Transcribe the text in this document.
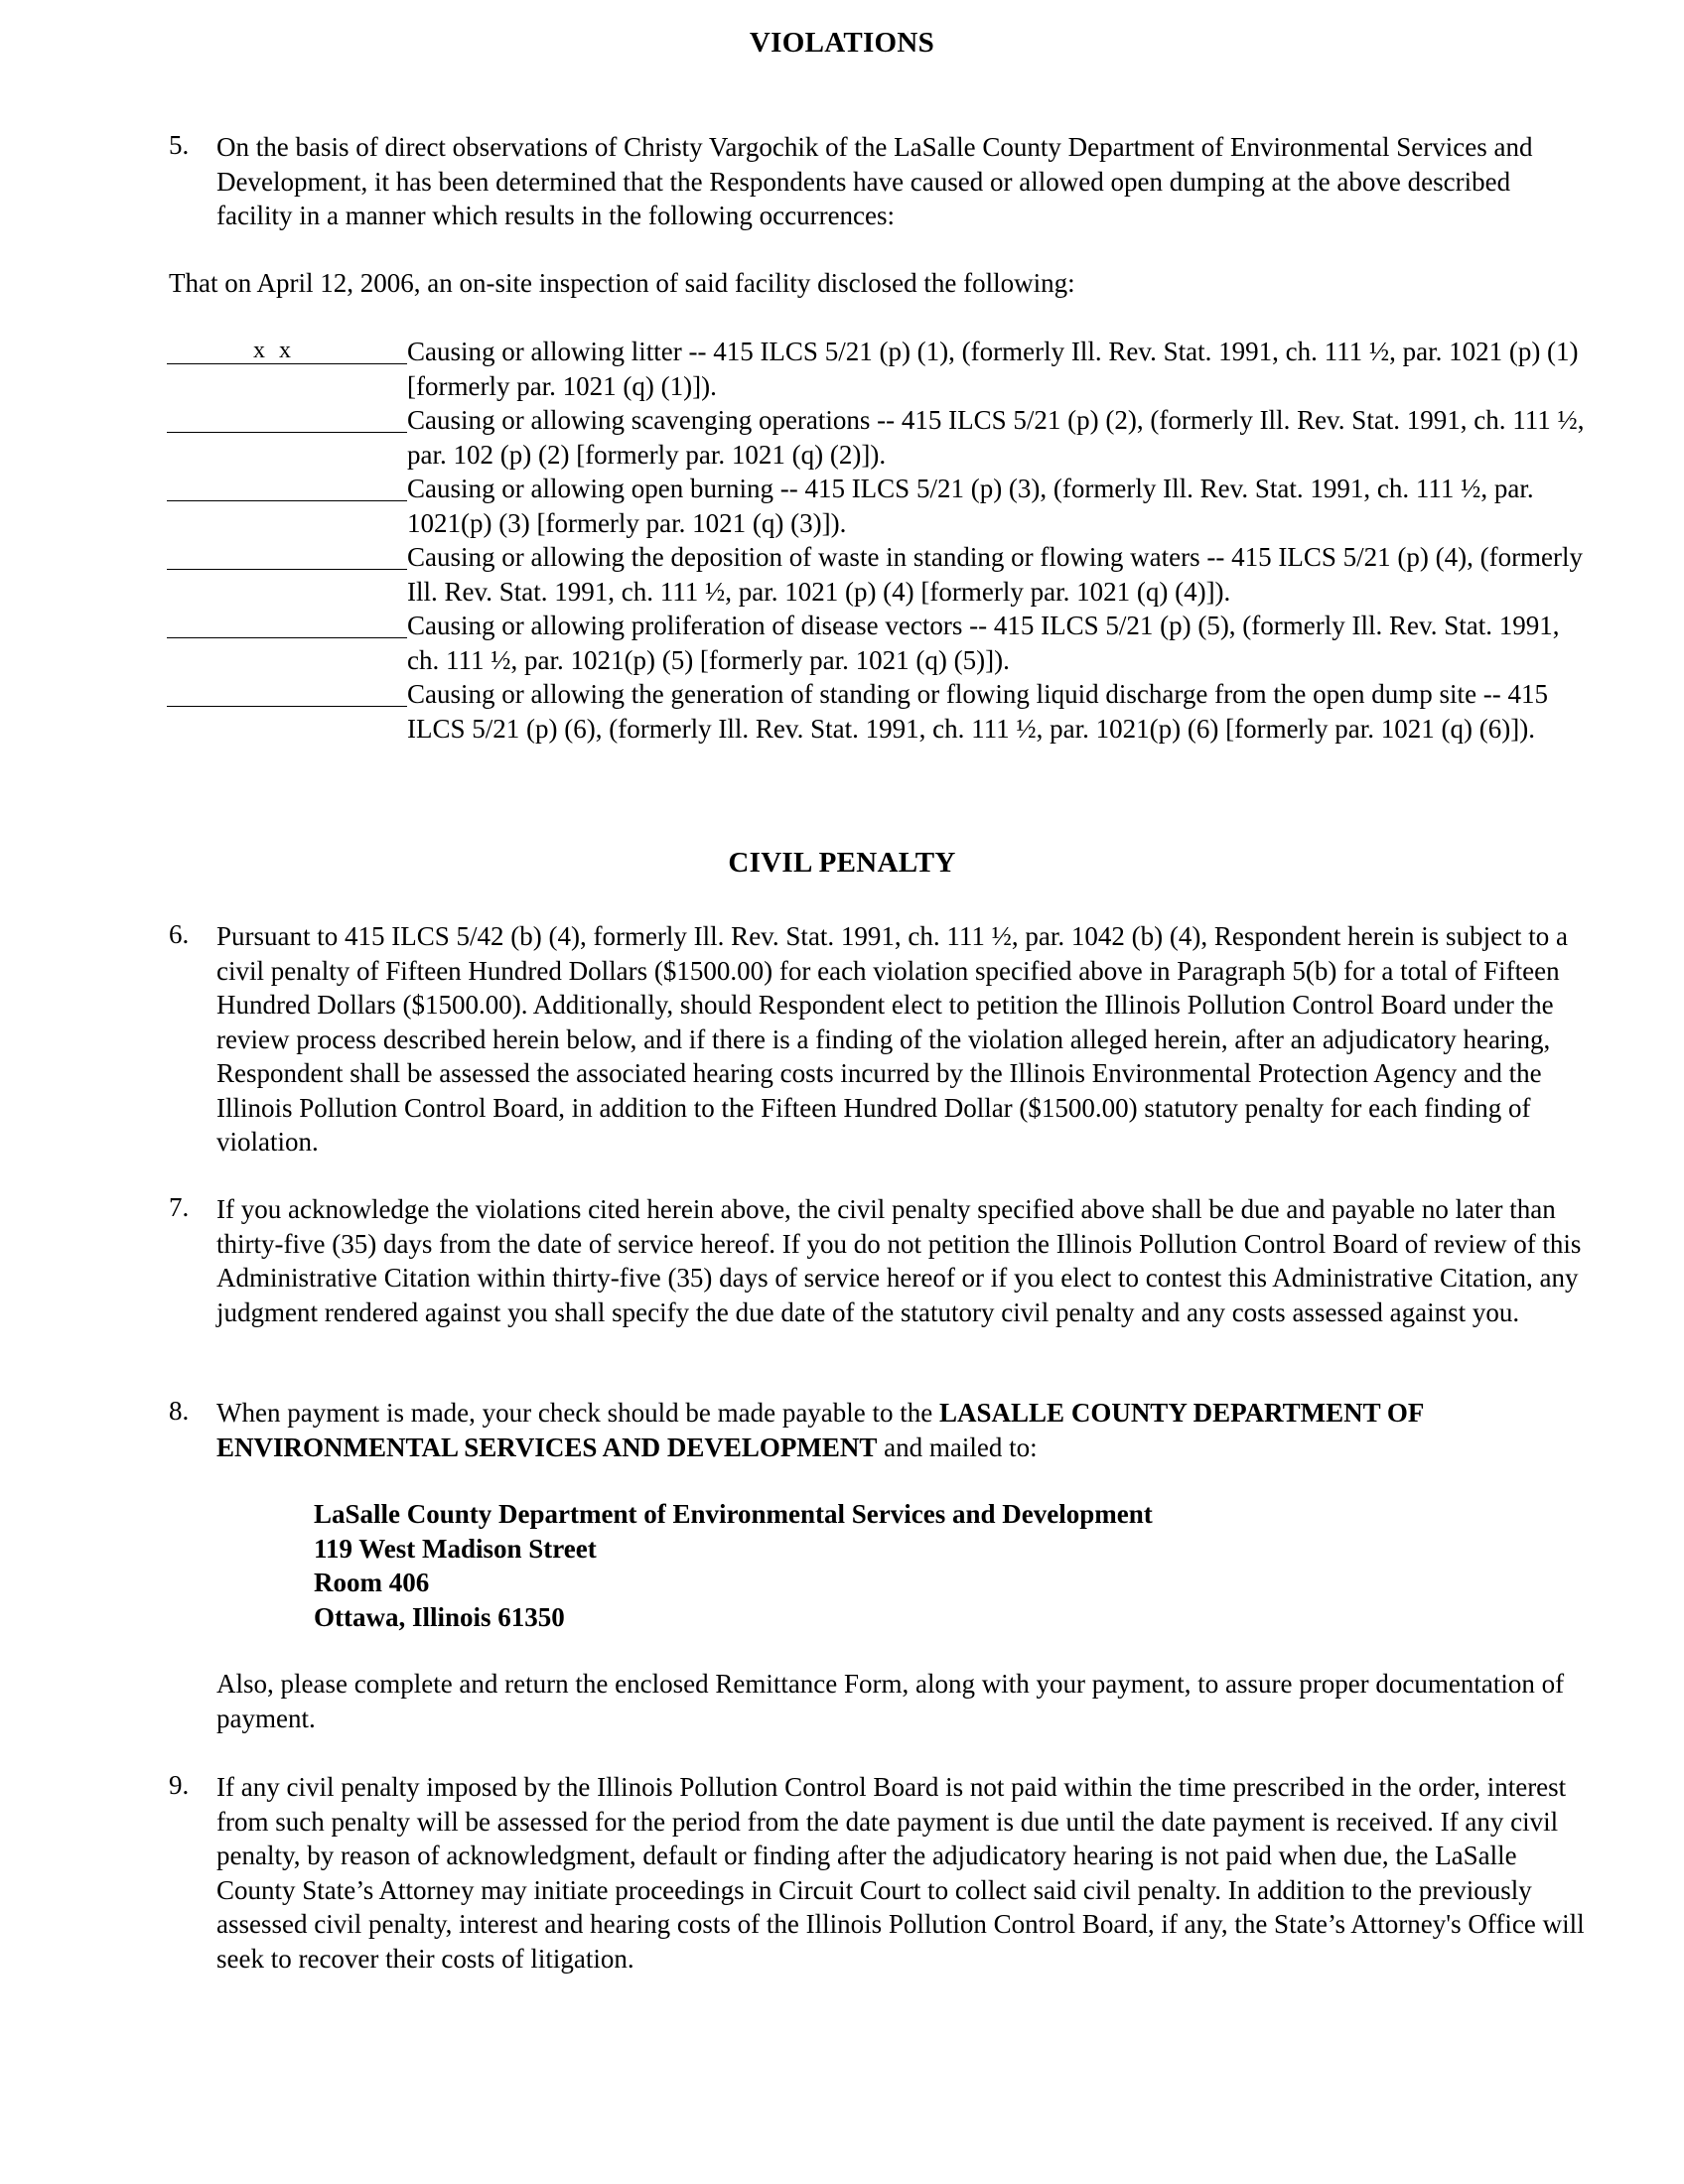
VIOLATIONS
5. On the basis of direct observations of Christy Vargochik of the LaSalle County Department of Environmental Services and Development, it has been determined that the Respondents have caused or allowed open dumping at the above described facility in a manner which results in the following occurrences:
That on April 12, 2006, an on-site inspection of said facility disclosed the following:
x x	Causing or allowing litter -- 415 ILCS 5/21 (p) (1), (formerly Ill. Rev. Stat. 1991, ch. 111 ½, par. 1021 (p) (1) [formerly par. 1021 (q) (1)]).
Causing or allowing scavenging operations -- 415 ILCS 5/21 (p) (2), (formerly Ill. Rev. Stat. 1991, ch. 111 ½, par. 102 (p) (2) [formerly par. 1021 (q) (2)]).
Causing or allowing open burning -- 415 ILCS 5/21 (p) (3), (formerly Ill. Rev. Stat. 1991, ch. 111 ½, par. 1021(p) (3) [formerly par. 1021 (q) (3)]).
Causing or allowing the deposition of waste in standing or flowing waters -- 415 ILCS 5/21 (p) (4), (formerly Ill. Rev. Stat. 1991, ch. 111 ½, par. 1021 (p) (4) [formerly par. 1021 (q) (4)]).
Causing or allowing proliferation of disease vectors -- 415 ILCS 5/21 (p) (5), (formerly Ill. Rev. Stat. 1991, ch. 111 ½, par. 1021(p) (5) [formerly par. 1021 (q) (5)]).
Causing or allowing the generation of standing or flowing liquid discharge from the open dump site -- 415 ILCS 5/21 (p) (6), (formerly Ill. Rev. Stat. 1991, ch. 111 ½, par. 1021(p) (6) [formerly par. 1021 (q) (6)]).
CIVIL PENALTY
6. Pursuant to 415 ILCS 5/42 (b) (4), formerly Ill. Rev. Stat. 1991, ch. 111 ½, par. 1042 (b) (4), Respondent herein is subject to a civil penalty of Fifteen Hundred Dollars ($1500.00) for each violation specified above in Paragraph 5(b) for a total of Fifteen Hundred Dollars ($1500.00). Additionally, should Respondent elect to petition the Illinois Pollution Control Board under the review process described herein below, and if there is a finding of the violation alleged herein, after an adjudicatory hearing, Respondent shall be assessed the associated hearing costs incurred by the Illinois Environmental Protection Agency and the Illinois Pollution Control Board, in addition to the Fifteen Hundred Dollar ($1500.00) statutory penalty for each finding of violation.
7. If you acknowledge the violations cited herein above, the civil penalty specified above shall be due and payable no later than thirty-five (35) days from the date of service hereof. If you do not petition the Illinois Pollution Control Board of review of this Administrative Citation within thirty-five (35) days of service hereof or if you elect to contest this Administrative Citation, any judgment rendered against you shall specify the due date of the statutory civil penalty and any costs assessed against you.
8. When payment is made, your check should be made payable to the LASALLE COUNTY DEPARTMENT OF ENVIRONMENTAL SERVICES AND DEVELOPMENT and mailed to:
LaSalle County Department of Environmental Services and Development
119 West Madison Street
Room 406
Ottawa, Illinois 61350
Also, please complete and return the enclosed Remittance Form, along with your payment, to assure proper documentation of payment.
9. If any civil penalty imposed by the Illinois Pollution Control Board is not paid within the time prescribed in the order, interest from such penalty will be assessed for the period from the date payment is due until the date payment is received. If any civil penalty, by reason of acknowledgment, default or finding after the adjudicatory hearing is not paid when due, the LaSalle County State’s Attorney may initiate proceedings in Circuit Court to collect said civil penalty. In addition to the previously assessed civil penalty, interest and hearing costs of the Illinois Pollution Control Board, if any, the State’s Attorney's Office will seek to recover their costs of litigation.
